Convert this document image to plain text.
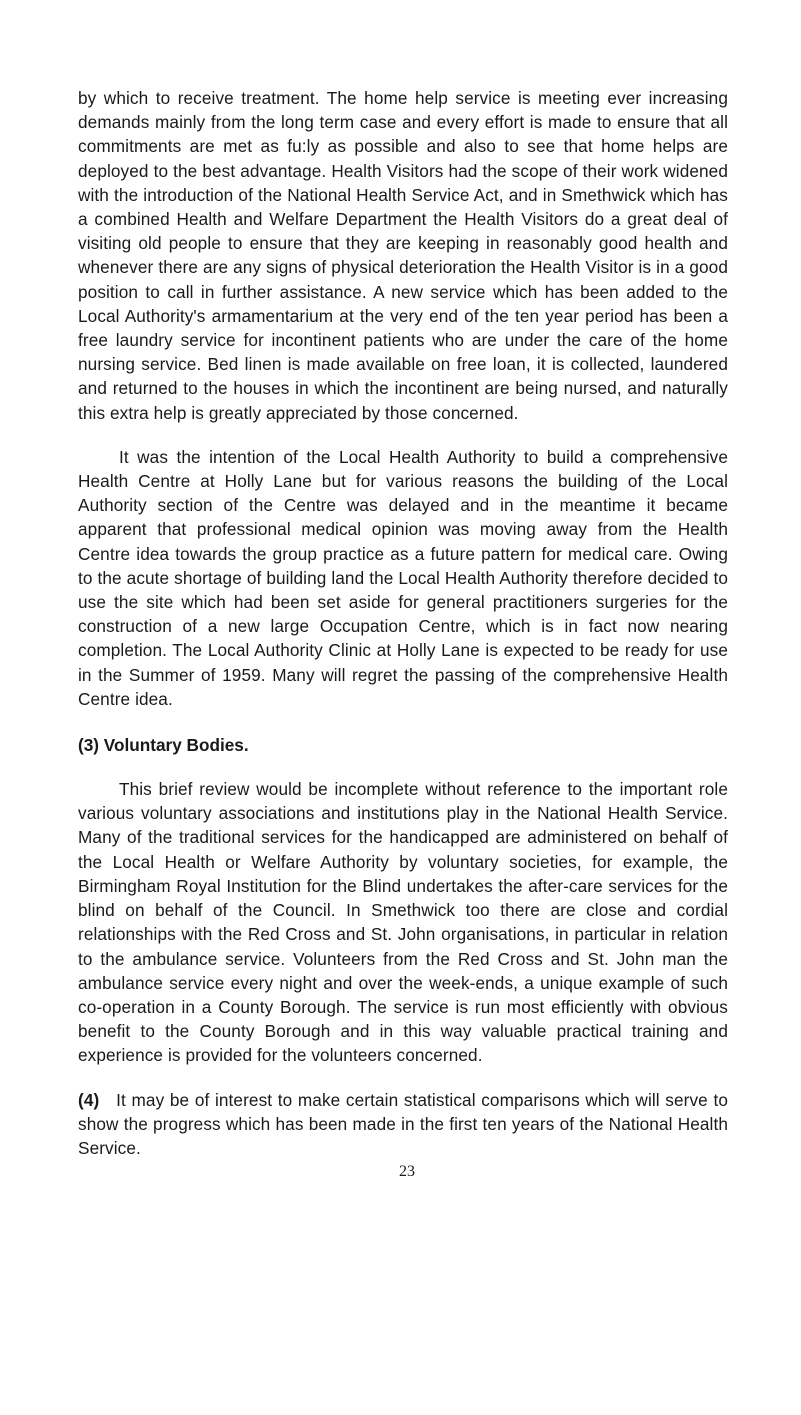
by which to receive treatment. The home help service is meeting ever increasing demands mainly from the long term case and every effort is made to ensure that all commitments are met as fu:ly as possible and also to see that home helps are deployed to the best advantage. Health Visitors had the scope of their work widened with the introduction of the National Health Service Act, and in Smethwick which has a combined Health and Welfare Department the Health Visitors do a great deal of visiting old people to ensure that they are keeping in reasonably good health and whenever there are any signs of physical deterioration the Health Visitor is in a good position to call in further assistance. A new service which has been added to the Local Authority's armamentarium at the very end of the ten year period has been a free laundry service for incontinent patients who are under the care of the home nursing service. Bed linen is made available on free loan, it is collected, laundered and returned to the houses in which the incontinent are being nursed, and naturally this extra help is greatly appreciated by those concerned.

It was the intention of the Local Health Authority to build a comprehensive Health Centre at Holly Lane but for various reasons the building of the Local Authority section of the Centre was delayed and in the meantime it became apparent that professional medical opinion was moving away from the Health Centre idea towards the group practice as a future pattern for medical care. Owing to the acute shortage of building land the Local Health Authority therefore decided to use the site which had been set aside for general practitioners surgeries for the construction of a new large Occupation Centre, which is in fact now nearing completion. The Local Authority Clinic at Holly Lane is expected to be ready for use in the Summer of 1959. Many will regret the passing of the comprehensive Health Centre idea.

(3) Voluntary Bodies.

This brief review would be incomplete without reference to the important role various voluntary associations and institutions play in the National Health Service. Many of the traditional services for the handicapped are administered on behalf of the Local Health or Welfare Authority by voluntary societies, for example, the Birmingham Royal Institution for the Blind undertakes the after-care services for the blind on behalf of the Council. In Smethwick too there are close and cordial relationships with the Red Cross and St. John organisations, in particular in relation to the ambulance service. Volunteers from the Red Cross and St. John man the ambulance service every night and over the week-ends, a unique example of such co-operation in a County Borough. The service is run most efficiently with obvious benefit to the County Borough and in this way valuable practical training and experience is provided for the volunteers concerned.

(4) It may be of interest to make certain statistical comparisons which will serve to show the progress which has been made in the first ten years of the National Health Service.

23
